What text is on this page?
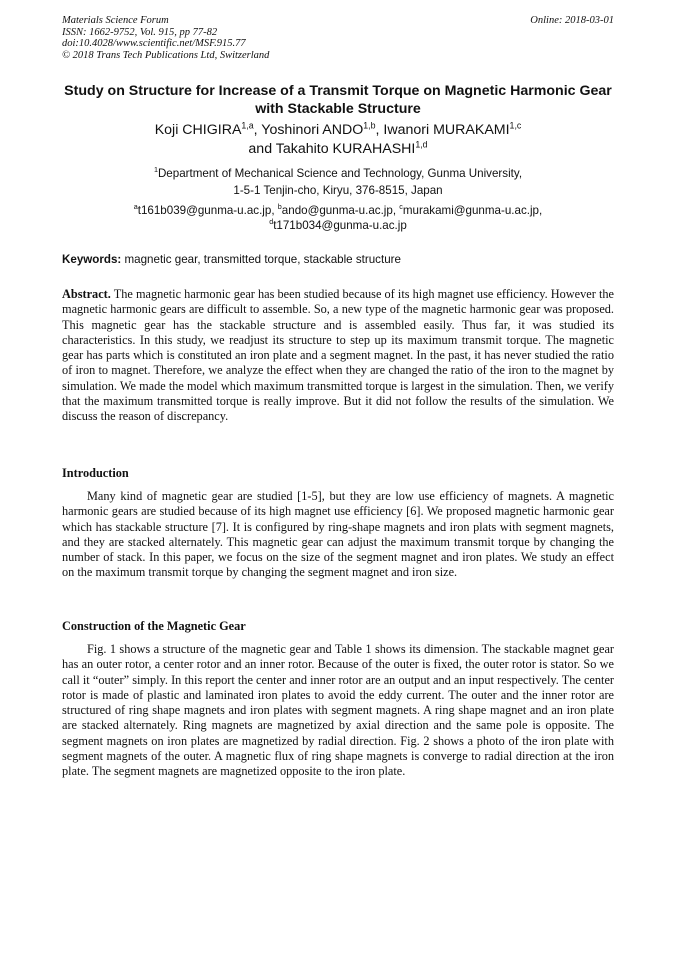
Materials Science Forum
ISSN: 1662-9752, Vol. 915, pp 77-82
doi:10.4028/www.scientific.net/MSF.915.77
© 2018 Trans Tech Publications Ltd, Switzerland
Online: 2018-03-01
Study on Structure for Increase of a Transmit Torque on Magnetic Harmonic Gear with Stackable Structure
Koji CHIGIRA$^{1,a}$, Yoshinori ANDO$^{1,b}$, Iwanori MURAKAMI$^{1,c}$
and Takahito KURAHASHI$^{1,d}$
$^1$Department of Mechanical Science and Technology, Gunma University,
1-5-1 Tenjin-cho, Kiryu, 376-8515, Japan
$^a$t161b039@gunma-u.ac.jp, $^b$ando@gunma-u.ac.jp, $^c$murakami@gunma-u.ac.jp,
$^d$t171b034@gunma-u.ac.jp
Keywords: magnetic gear, transmitted torque, stackable structure

Abstract. The magnetic harmonic gear has been studied because of its high magnet use efficiency. However the magnetic harmonic gears are difficult to assemble. So, a new type of the magnetic harmonic gear was proposed. This magnetic gear has the stackable structure and is assembled easily. Thus far, it was studied its characteristics. In this study, we readjust its structure to step up its maximum transmit torque. The magnetic gear has parts which is constituted an iron plate and a segment magnet. In the past, it has never studied the ratio of iron to magnet. Therefore, we analyze the effect when they are changed the ratio of the iron to the magnet by simulation. We made the model which maximum transmitted torque is largest in the simulation. Then, we verify that the maximum transmitted torque is really improve. But it did not follow the results of the simulation. We discuss the reason of discrepancy.

Introduction

Many kind of magnetic gear are studied [1-5], but they are low use efficiency of magnets. A magnetic harmonic gears are studied because of its high magnet use efficiency [6]. We proposed magnetic harmonic gear which has stackable structure [7]. It is configured by ring-shape magnets and iron plats with segment magnets, and they are stacked alternately. This magnetic gear can adjust the maximum transmit torque by changing the number of stack. In this paper, we focus on the size of the segment magnet and iron plates. We study an effect on the maximum transmit torque by changing the segment magnet and iron size.

Construction of the Magnetic Gear

Fig. 1 shows a structure of the magnetic gear and Table 1 shows its dimension. The stackable magnet gear has an outer rotor, a center rotor and an inner rotor. Because of the outer is fixed, the outer rotor is stator. So we call it “outer” simply. In this report the center and inner rotor are an output and an input respectively. The center rotor is made of plastic and laminated iron plates to avoid the eddy current. The outer and the inner rotor are structured of ring shape magnets and iron plates with segment magnets. A ring shape magnet and an iron plate are stacked alternately. Ring magnets are magnetized by axial direction and the same pole is opposite. The segment magnets on iron plates are magnetized by radial direction. Fig. 2 shows a photo of the iron plate with segment magnets of the outer. A magnetic flux of ring shape magnets is converge to radial direction at the iron plate. The segment magnets are magnetized opposite to the iron plate.
